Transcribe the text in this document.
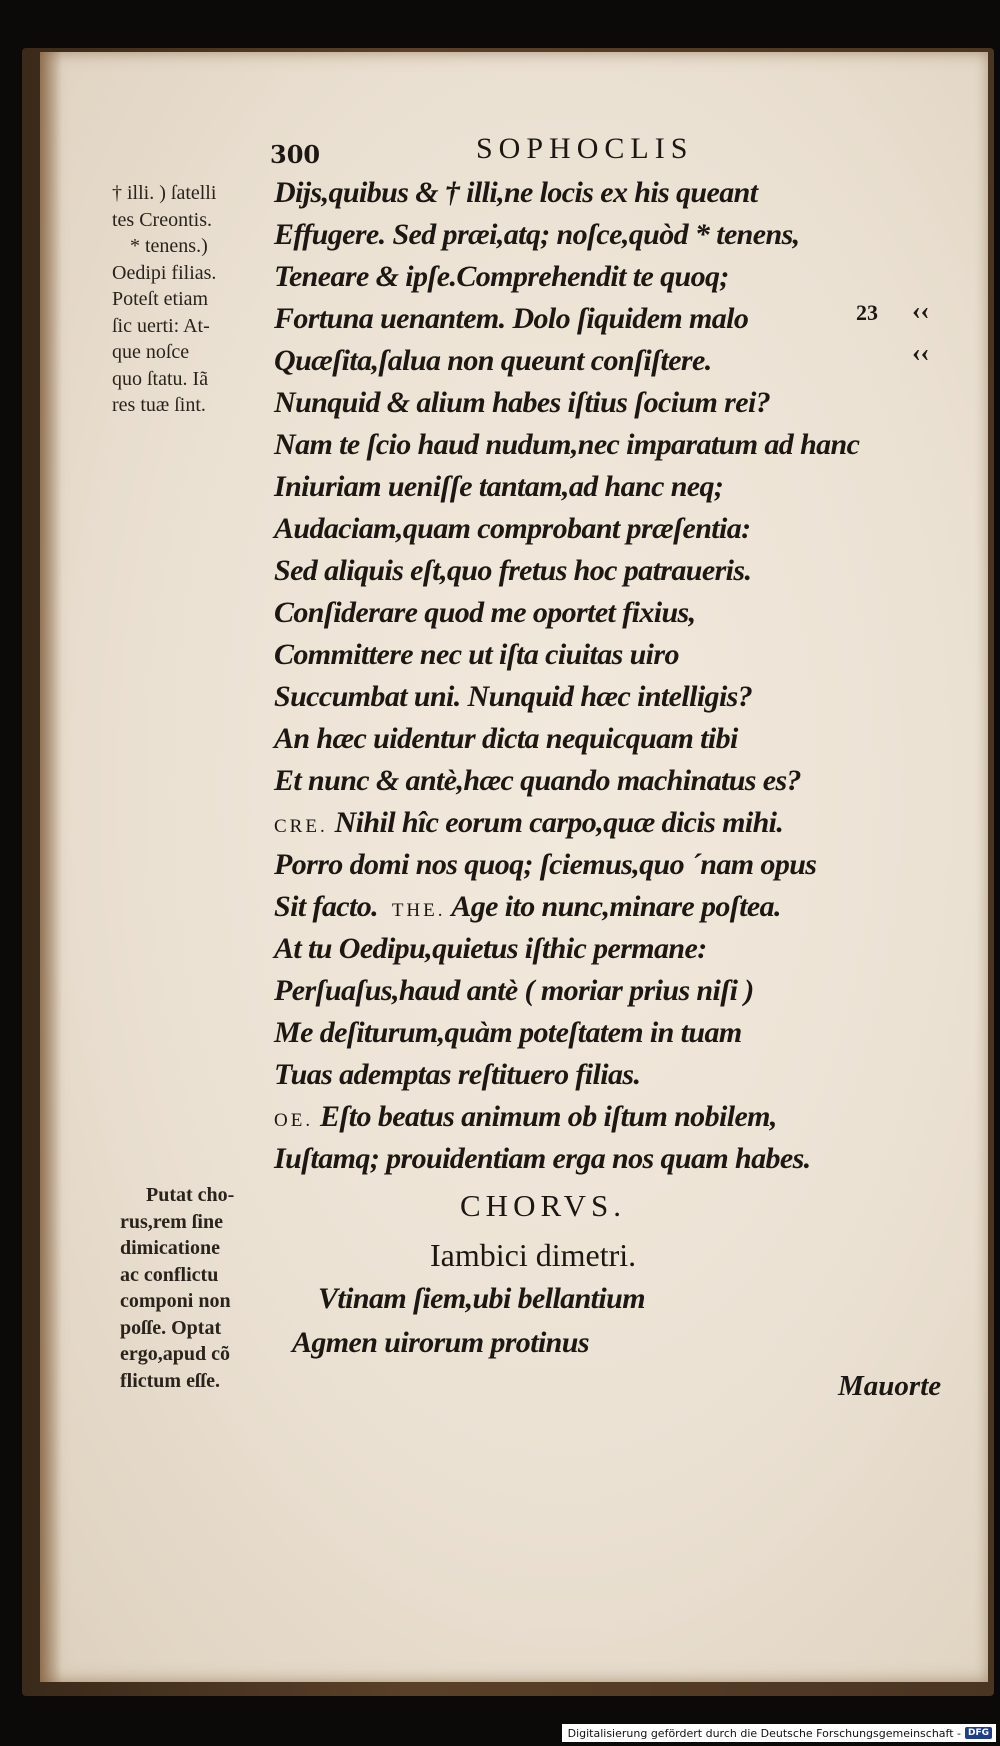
300	SOPHOCLIS
† illi. ) ſatelli
tes Creontis.
* tenens.)
Oedipi filias.
Poteſt etiam
ſic uerti: At-
que noſce
quo ſtatu. Iã
res tuæ ſint.
Dijs,quibus & † illi,ne locis ex his queant
Effugere. Sed præi,atq; noſce,quòd * tenens,
Teneare & ipſe.Comprehendit te quoq;
Fortuna uenantem. Dolo ſiquidem malo
Quæſita,ſalua non queunt conſiſtere.
Nunquid & alium habes iſtius ſocium rei?
Nam te ſcio haud nudum,nec imparatum ad hanc
Iniuriam ueniſſe tantam,ad hanc neq;
Audaciam,quam comprobant præſentia:
Sed aliquis eſt,quo fretus hoc patraueris.
Conſiderare quod me oportet fixius,
Committere nec ut iſta ciuitas uiro
Succumbat uni. Nunquid hæc intelligis?
An hæc uidentur dicta nequicquam tibi
Et nunc & antè,hæc quando machinatus es?
CRE. Nihil hîc eorum carpo,quæ dicis mihi.
Porro domi nos quoq; ſciemus,quo ´nam opus
Sit facto. THE. Age ito nunc,minare poſtea.
At tu Oedipu,quietus iſthic permane:
Perſuaſus,haud antè ( moriar prius niſi )
Me deſiturum,quàm poteſtatem in tuam
Tuas ademptas reſtituero filias.
OE. Eſto beatus animum ob iſtum nobilem,
Iuſtamq; prouidentiam erga nos quam habes.
23 ‹‹
‹‹
Putat cho-
rus,rem ſine
dimicatione
ac conflictu
componi non
poſſe. Optat
ergo,apud cõ
flictum eſſe.
CHORVS.
Iambici dimetri.
Vtinam ſiem,ubi bellantium
Agmen uirorum protinus
Mauorte
Digitalisierung gefördert durch die Deutsche Forschungsgemeinschaft - DFG
